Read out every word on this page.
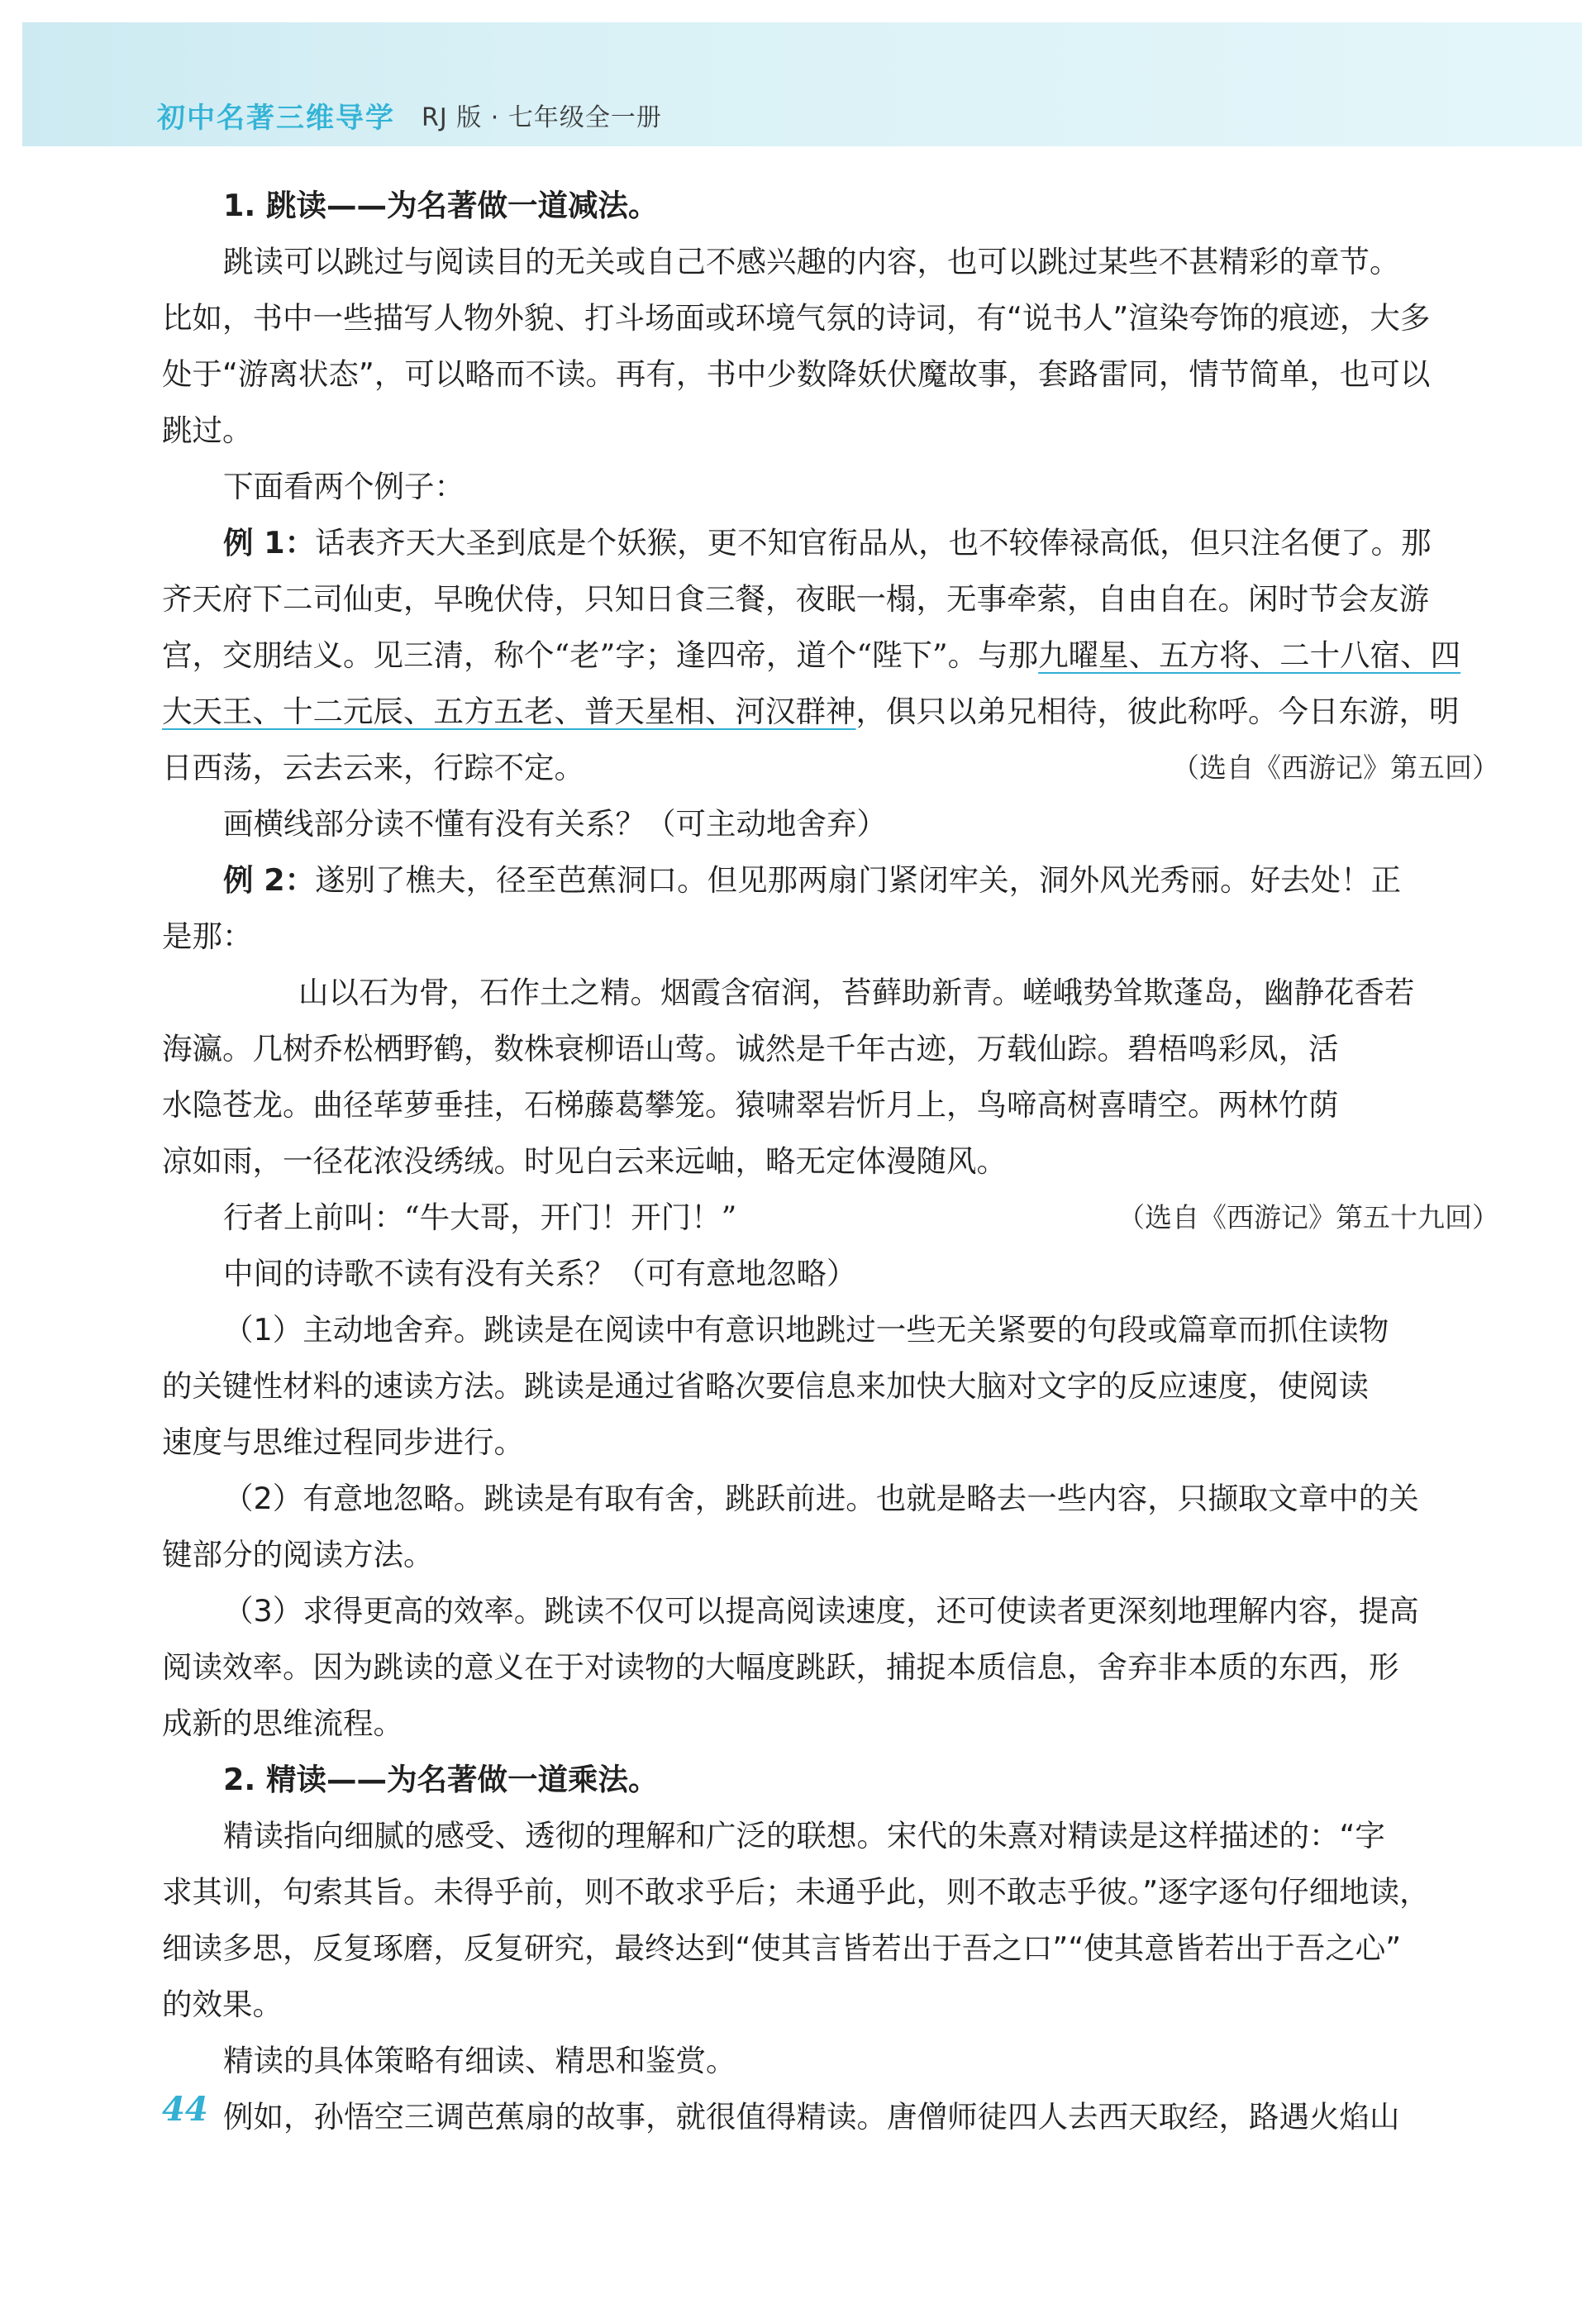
初中名著三维导学 RJ 版 · 七年级全一册
1. 跳读——为名著做一道减法。
跳读可以跳过与阅读目的无关或自己不感兴趣的内容，也可以跳过某些不甚精彩的章节。
比如，书中一些描写人物外貌、打斗场面或环境气氛的诗词，有“说书人”渲染夸饰的痕迹，大多
处于“游离状态”，可以略而不读。再有，书中少数降妖伏魔故事，套路雷同，情节简单，也可以
跳过。
下面看两个例子：
例 1：话表齐天大圣到底是个妖猴，更不知官衔品从，也不较俸禄高低，但只注名便了。那
齐天府下二司仙吏，早晚伏侍，只知日食三餐，夜眠一榻，无事牵萦，自由自在。闲时节会友游
宫，交朋结义。见三清，称个“老”字；逢四帝，道个“陛下”。与那九曜星、五方将、二十八宿、四
大天王、十二元辰、五方五老、普天星相、河汉群神，俱只以弟兄相待，彼此称呼。今日东游，明
日西荡，云去云来，行踪不定。	（选自《西游记》第五回）
画横线部分读不懂有没有关系？（可主动地舍弃）
例 2：遂别了樵夫，径至芭蕉洞口。但见那两扇门紧闭牢关，洞外风光秀丽。好去处！正
是那：
山以石为骨，石作土之精。烟霞含宿润，苔藓助新青。嵯峨势耸欺蓬岛，幽静花香若
海瀛。几树乔松栖野鹤，数株衰柳语山莺。诚然是千年古迹，万载仙踪。碧梧鸣彩凤，活
水隐苍龙。曲径荜萝垂挂，石梯藤葛攀笼。猿啸翠岩忻月上，鸟啼高树喜晴空。两林竹荫
凉如雨，一径花浓没绣绒。时见白云来远岫，略无定体漫随风。
行者上前叫：“牛大哥，开门！开门！”	（选自《西游记》第五十九回）
中间的诗歌不读有没有关系？（可有意地忽略）
（1）主动地舍弃。跳读是在阅读中有意识地跳过一些无关紧要的句段或篇章而抓住读物
的关键性材料的速读方法。跳读是通过省略次要信息来加快大脑对文字的反应速度，使阅读
速度与思维过程同步进行。
（2）有意地忽略。跳读是有取有舍，跳跃前进。也就是略去一些内容，只撷取文章中的关
键部分的阅读方法。
（3）求得更高的效率。跳读不仅可以提高阅读速度，还可使读者更深刻地理解内容，提高
阅读效率。因为跳读的意义在于对读物的大幅度跳跃，捕捉本质信息，舍弃非本质的东西，形
成新的思维流程。
2. 精读——为名著做一道乘法。
精读指向细腻的感受、透彻的理解和广泛的联想。宋代的朱熹对精读是这样描述的：“字
求其训，句索其旨。未得乎前，则不敢求乎后；未通乎此，则不敢志乎彼。”逐字逐句仔细地读，
细读多思，反复琢磨，反复研究，最终达到“使其言皆若出于吾之口”“使其意皆若出于吾之心”
的效果。
精读的具体策略有细读、精思和鉴赏。
例如，孙悟空三调芭蕉扇的故事，就很值得精读。唐僧师徒四人去西天取经，路遇火焰山
44
